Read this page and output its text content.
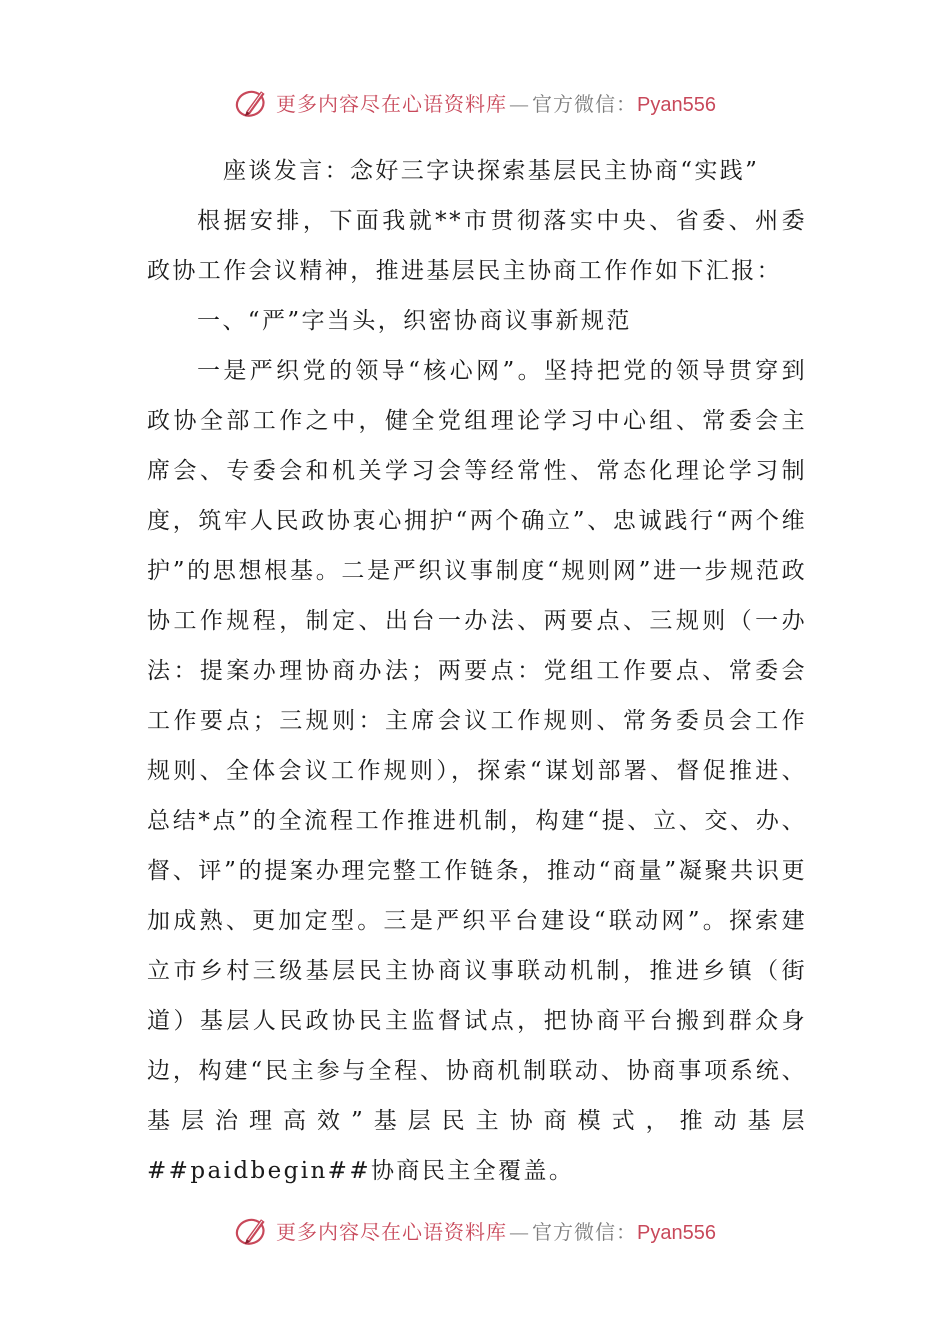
更多内容尽在心语资料库 — 官方微信： Pyan556
座谈发言：念好三字诀探索基层民主协商“实践”

根据安排，下面我就**市贯彻落实中央、省委、州委政协工作会议精神，推进基层民主协商工作作如下汇报：

一、“严”字当头，织密协商议事新规范

一是严织党的领导“核心网”。坚持把党的领导贯穿到政协全部工作之中，健全党组理论学习中心组、常委会主席会、专委会和机关学习会等经常性、常态化理论学习制度，筑牢人民政协衷心拥护“两个确立”、忠诚践行“两个维护”的思想根基。二是严织议事制度“规则网”进一步规范政协工作规程，制定、出台一办法、两要点、三规则（一办法：提案办理协商办法；两要点：党组工作要点、常委会工作要点；三规则：主席会议工作规则、常务委员会工作规则、全体会议工作规则），探索“谋划部署、督促推进、总结*点”的全流程工作推进机制，构建“提、立、交、办、督、评”的提案办理完整工作链条，推动“商量”凝聚共识更加成熟、更加定型。三是严织平台建设“联动网”。探索建立市乡村三级基层民主协商议事联动机制，推进乡镇（街道）基层人民政协民主监督试点，把协商平台搬到群众身边，构建“民主参与全程、协商机制联动、协商事项系统、基层治理高效”基层民主协商模式，推动基层##paidbegin##协商民主全覆盖。

更多内容尽在心语资料库 — 官方微信： Pyan556
